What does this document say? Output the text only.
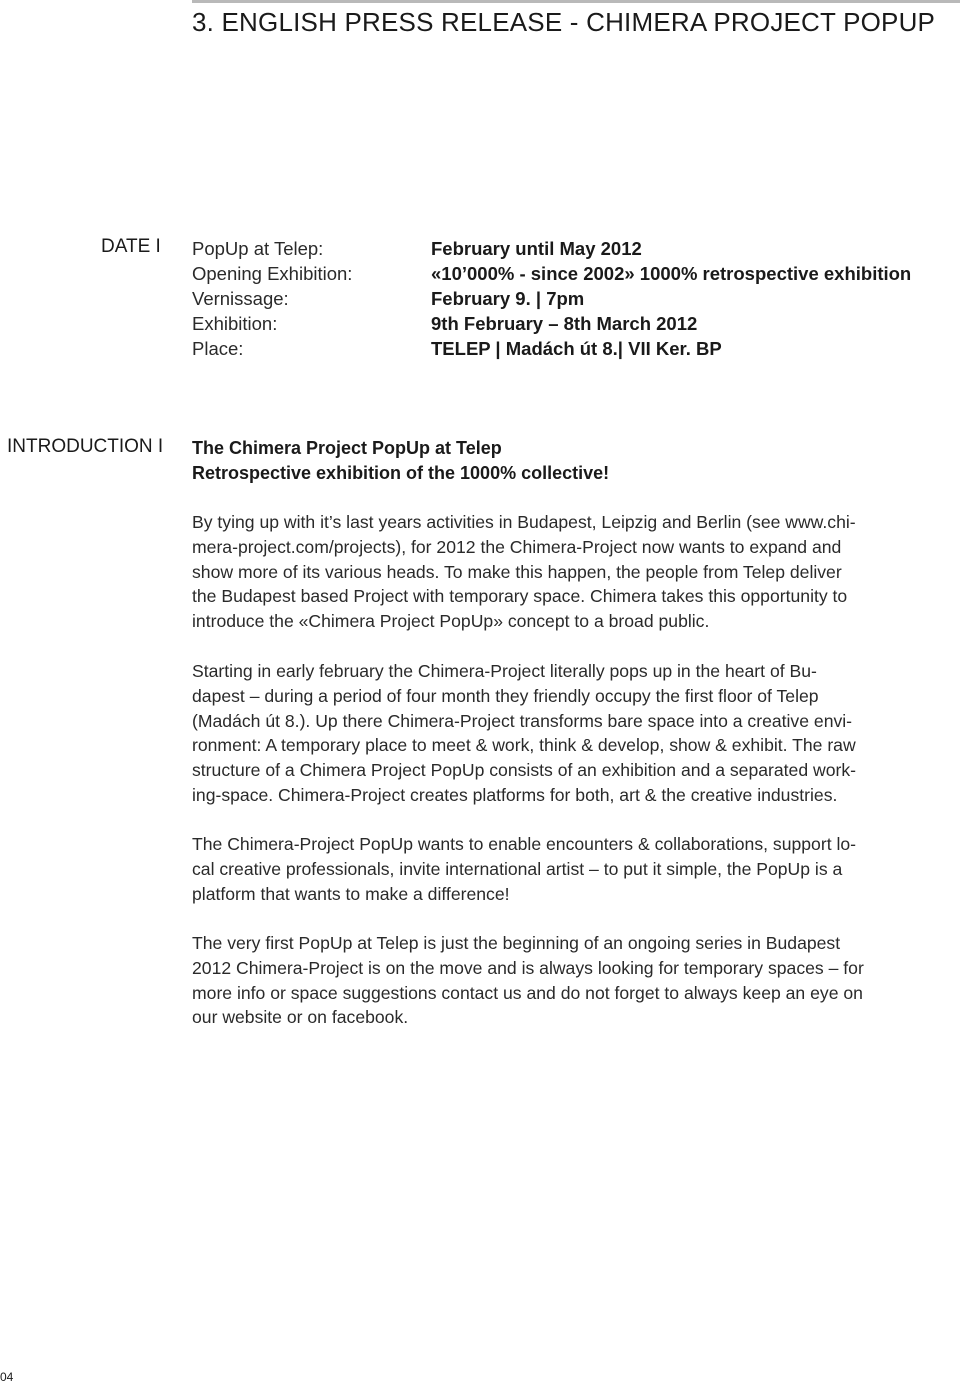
3. ENGLISH PRESS RELEASE - CHIMERA PROJECT POPUP

DATE I PopUp at Telep:	February until May 2012
Opening Exhibition:	«10’000% - since 2002» 1000% retrospective exhibition
Vernissage:	February 9. | 7pm
Exhibition:	9th February – 8th March 2012
Place:	TELEP | Madách út 8.| VII Ker. BP

INTRODUCTION I The Chimera Project PopUp at Telep

Retrospective exhibition of the 1000% collective!

By tying up with it’s last years activities in Budapest, Leipzig and Berlin (see www.chi-
mera-project.com/projects), for 2012 the Chimera-Project now wants to expand and
show more of its various heads. To make this happen, the people from Telep deliver
the Budapest based Project with temporary space. Chimera takes this opportunity to
introduce the «Chimera Project PopUp» concept to a broad public.

Starting in early february the Chimera-Project literally pops up in the heart of Bu-
dapest – during a period of four month they friendly occupy the first floor of Telep
(Madách út 8.). Up there Chimera-Project transforms bare space into a creative envi-
ronment: A temporary place to meet & work, think & develop, show & exhibit. The raw
structure of a Chimera Project PopUp consists of an exhibition and a separated work-
ing-space. Chimera-Project creates platforms for both, art & the creative industries.

The Chimera-Project PopUp wants to enable encounters & collaborations, support lo-
cal creative professionals, invite international artist – to put it simple, the PopUp is a
platform that wants to make a difference!

The very first PopUp at Telep is just the beginning of an ongoing series in Budapest
2012 Chimera-Project is on the move and is always looking for temporary spaces – for
more info or space suggestions contact us and do not forget to always keep an eye on
our website or on facebook.

04
